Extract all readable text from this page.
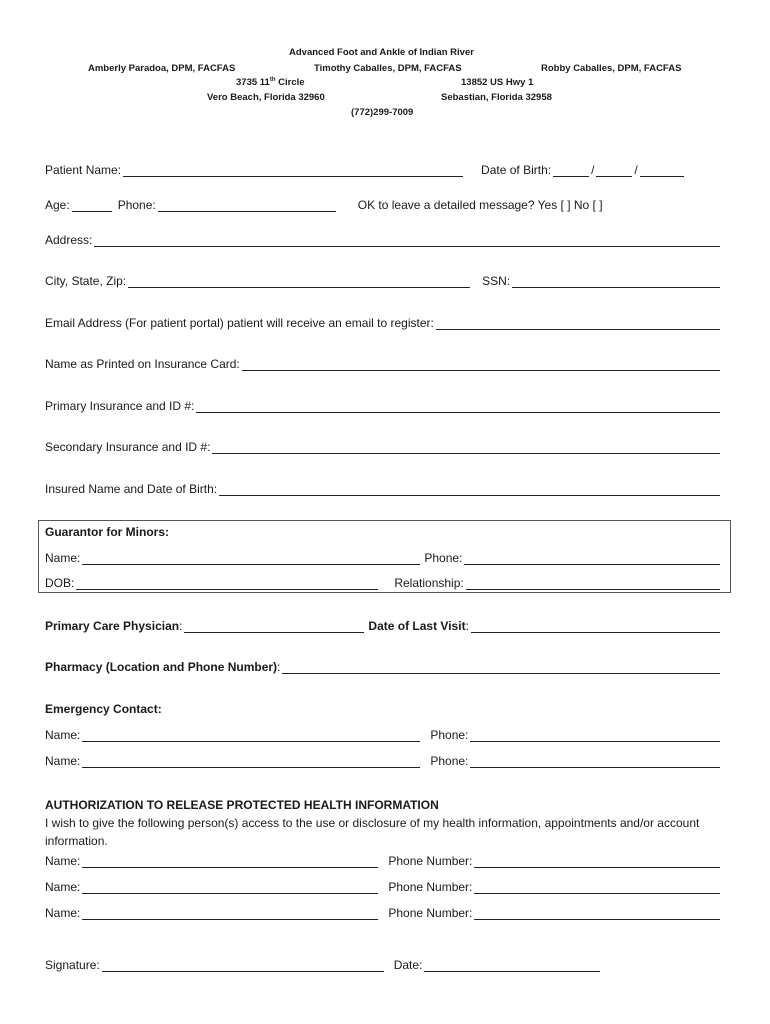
Advanced Foot and Ankle of Indian River
Amberly Paradoa, DPM, FACFAS	Timothy Caballes, DPM, FACFAS	Robby Caballes, DPM, FACFAS
3735 11th Circle
Vero Beach, Florida 32960
13852 US Hwy 1
Sebastian, Florida 32958
(772)299-7009
Patient Name:	Date of Birth:	/	/
Age:	Phone:	OK to leave a detailed message? Yes [ ] No [ ]
Address:
City, State, Zip:	SSN:
Email Address (For patient portal) patient will receive an email to register:
Name as Printed on Insurance Card:
Primary Insurance and ID #:
Secondary Insurance and ID #:
Insured Name and Date of Birth:
Guarantor for Minors:
Name:	Phone:
DOB:	Relationship:
Primary Care Physician :	Date of Last Visit :
Pharmacy (Location and Phone Number) :
Emergency Contact:
Name:	Phone:
Name:	Phone:
AUTHORIZATION TO RELEASE PROTECTED HEALTH INFORMATION
I wish to give the following person(s) access to the use or disclosure of my health information, appointments and/or account information.
Name:	Phone Number:
Name:	Phone Number:
Name:	Phone Number:
Signature:	Date:
